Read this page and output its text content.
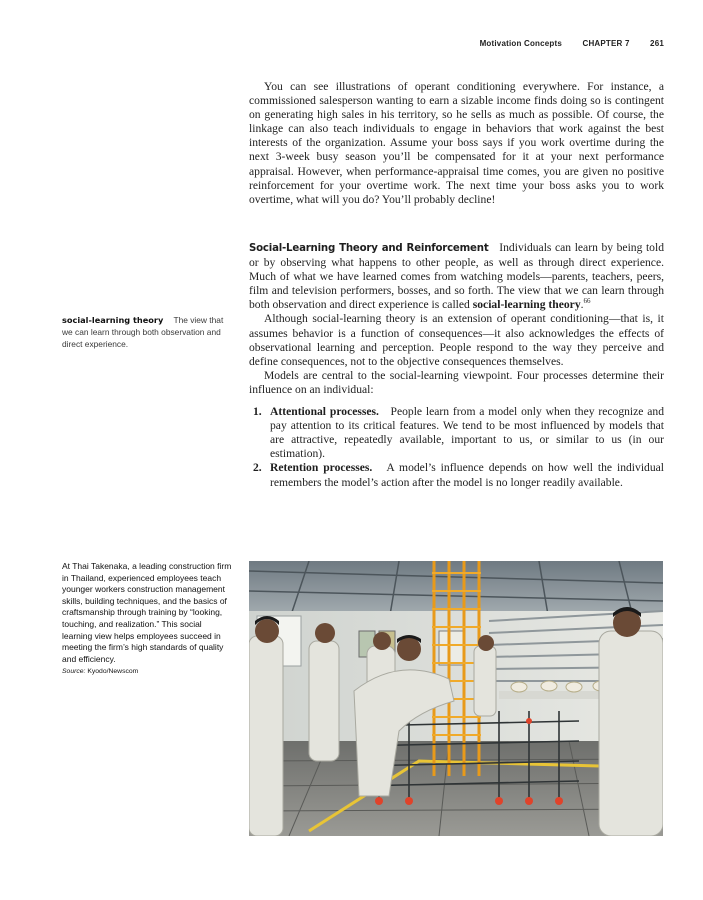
Motivation Concepts	CHAPTER 7	261

You can see illustrations of operant conditioning everywhere. For instance, a commissioned salesperson wanting to earn a sizable income finds doing so is contingent on generating high sales in his territory, so he sells as much as possible. Of course, the linkage can also teach individuals to engage in behaviors that work against the best interests of the organization. Assume your boss says if you work overtime during the next 3-week busy season you’ll be compensated for it at your next performance appraisal. However, when performance-appraisal time comes, you are given no positive reinforcement for your overtime work. The next time your boss asks you to work overtime, what will you do? You’ll probably decline!

Social-Learning Theory and Reinforcement Individuals can learn by being told or by observing what happens to other people, as well as through direct experience. Much of what we have learned comes from watching models—parents, teachers, peers, film and television performers, bosses, and so forth. The view that we can learn through both observation and direct experience is called social-learning theory.$^{66}$

Although social-learning theory is an extension of operant conditioning—that is, it assumes behavior is a function of consequences—it also acknowledges the effects of observational learning and perception. People respond to the way they perceive and define consequences, not to the objective consequences themselves.

Models are central to the social-learning viewpoint. Four processes determine their influence on an individual:

1. Attentional processes. People learn from a model only when they recognize and pay attention to its critical features. We tend to be most influenced by models that are attractive, repeatedly available, important to us, or similar to us (in our estimation).
2. Retention processes. A model’s influence depends on how well the individual remembers the model’s action after the model is no longer readily available.
social-learning theory The view that we can learn through both observation and direct experience.
At Thai Takenaka, a leading construction firm in Thailand, experienced employees teach younger workers construction management skills, building techniques, and the basics of craftsmanship through training by “looking, touching, and realization.” This social learning view helps employees succeed in meeting the firm’s high standards of quality and efficiency.
Source: Kyodo/Newscom
